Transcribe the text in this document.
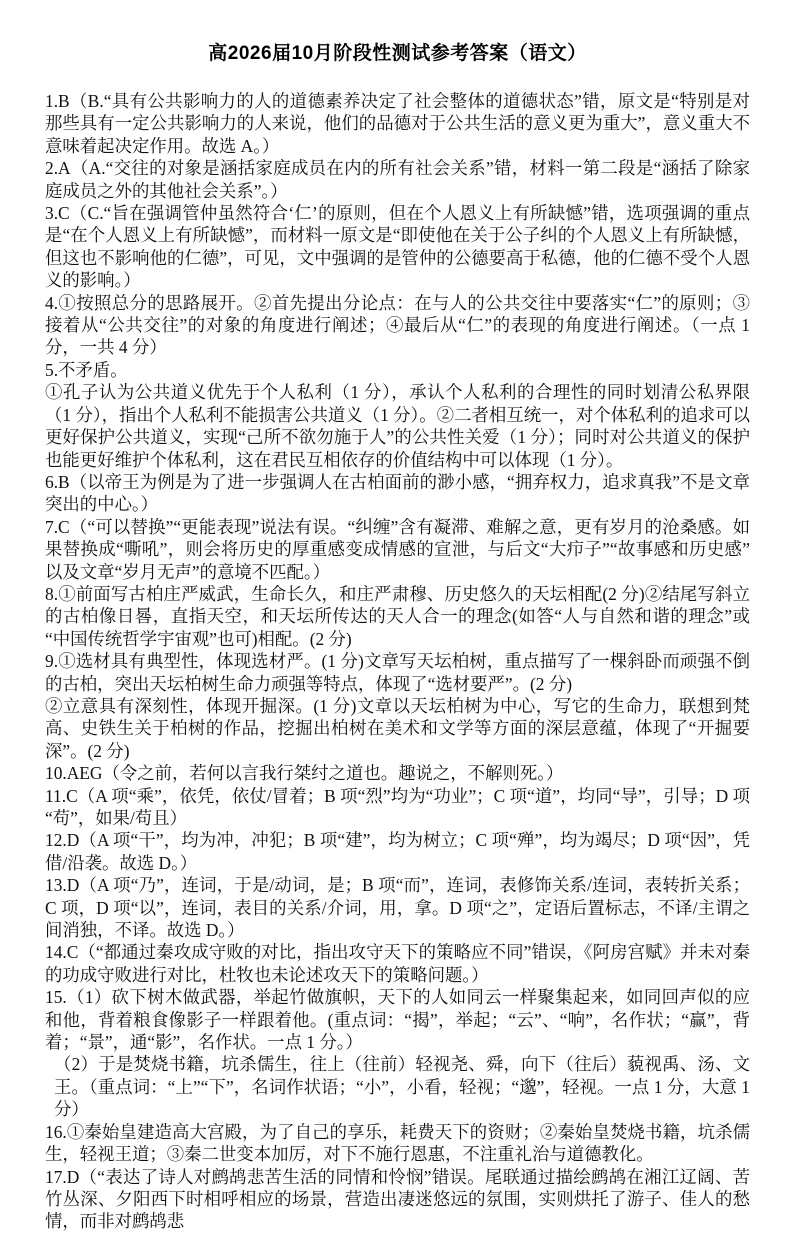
高2026届10月阶段性测试参考答案（语文）

1.B（B.“具有公共影响力的人的道德素养决定了社会整体的道德状态”错，原文是“特别是对那些具有一定公共影响力的人来说，他们的品德对于公共生活的意义更为重大”，意义重大不意味着起决定作用。故选 A。）

2.A（A.“交往的对象是涵括家庭成员在内的所有社会关系”错，材料一第二段是“涵括了除家庭成员之外的其他社会关系”。）

3.C（C.“旨在强调管仲虽然符合‘仁’的原则，但在个人恩义上有所缺憾”错，选项强调的重点是“在个人恩义上有所缺憾”，而材料一原文是“即使他在关于公子纠的个人恩义上有所缺憾，但这也不影响他的仁德”，可见，文中强调的是管仲的公德要高于私德，他的仁德不受个人恩义的影响。）

4.①按照总分的思路展开。②首先提出分论点：在与人的公共交往中要落实“仁”的原则；③接着从“公共交往”的对象的角度进行阐述；④最后从“仁”的表现的角度进行阐述。（一点 1 分，一共 4 分）

5.不矛盾。

①孔子认为公共道义优先于个人私利（1 分），承认个人私利的合理性的同时划清公私界限（1 分），指出个人私利不能损害公共道义（1 分）。②二者相互统一，对个体私利的追求可以更好保护公共道义，实现“己所不欲勿施于人”的公共性关爱（1 分）；同时对公共道义的保护也能更好维护个体私利，这在君民互相依存的价值结构中可以体现（1 分）。

6.B（以帝王为例是为了进一步强调人在古柏面前的渺小感，“拥弃权力，追求真我”不是文章突出的中心。）

7.C（“可以替换”“更能表现”说法有误。“纠缠”含有凝滞、难解之意，更有岁月的沧桑感。如果替换成“嘶吼”，则会将历史的厚重感变成情感的宣泄，与后文“大疖子”“故事感和历史感”以及文章“岁月无声”的意境不匹配。）

8.①前面写古柏庄严威武，生命长久，和庄严肃穆、历史悠久的天坛相配(2 分)②结尾写斜立的古柏像日晷，直指天空，和天坛所传达的天人合一的理念(如答“人与自然和谐的理念”或“中国传统哲学宇宙观”也可)相配。(2 分)

9.①选材具有典型性，体现选材严。(1 分)文章写天坛柏树，重点描写了一棵斜卧而顽强不倒的古柏，突出天坛柏树生命力顽强等特点，体现了“选材要严”。(2 分)

②立意具有深刻性，体现开掘深。(1 分)文章以天坛柏树为中心，写它的生命力，联想到梵高、史铁生关于柏树的作品，挖掘出柏树在美术和文学等方面的深层意蕴，体现了“开掘要深”。(2 分)

10.AEG（令之前，若何以言我行桀纣之道也。趣说之，不解则死。）

11.C（A 项“乘”，依凭，依仗/冒着；B 项“烈”均为“功业”；C 项“道”，均同“导”，引导；D 项“苟”，如果/苟且）

12.D（A 项“干”，均为冲，冲犯；B 项“建”，均为树立；C 项“殚”，均为竭尽；D 项“因”，凭借/沿袭。故选 D。）

13.D（A 项“乃”，连词，于是/动词，是；B 项“而”，连词，表修饰关系/连词，表转折关系；C 项，D 项“以”，连词，表目的关系/介词，用，拿。D 项“之”，定语后置标志，不译/主谓之间消独，不译。故选 D。）

14.C（“都通过秦攻成守败的对比，指出攻守天下的策略应不同”错误，《阿房宫赋》并未对秦的功成守败进行对比，杜牧也未论述攻天下的策略问题。）

15.（1）砍下树木做武器，举起竹做旗帜，天下的人如同云一样聚集起来，如同回声似的应和他，背着粮食像影子一样跟着他。(重点词：“揭”，举起；“云”、“响”，名作状；“赢”，背着；“景”，通“影”，名作状。一点 1 分。）

（2）于是焚烧书籍，坑杀儒生，往上（往前）轻视尧、舜，向下（往后）藐视禹、汤、文王。（重点词：“上”“下”，名词作状语；“小”，小看，轻视；“邈”，轻视。一点 1 分，大意 1 分）

16.①秦始皇建造高大宫殿，为了自己的享乐，耗费天下的资财；②秦始皇焚烧书籍，坑杀儒生，轻视王道；③秦二世变本加厉，对下不施行恩惠，不注重礼治与道德教化。

17.D（“表达了诗人对鹧鸪悲苦生活的同情和怜悯”错误。尾联通过描绘鹧鸪在湘江辽阔、苦竹丛深、夕阳西下时相呼相应的场景，营造出凄迷悠远的氛围，实则烘托了游子、佳人的愁情，而非对鹧鸪悲
